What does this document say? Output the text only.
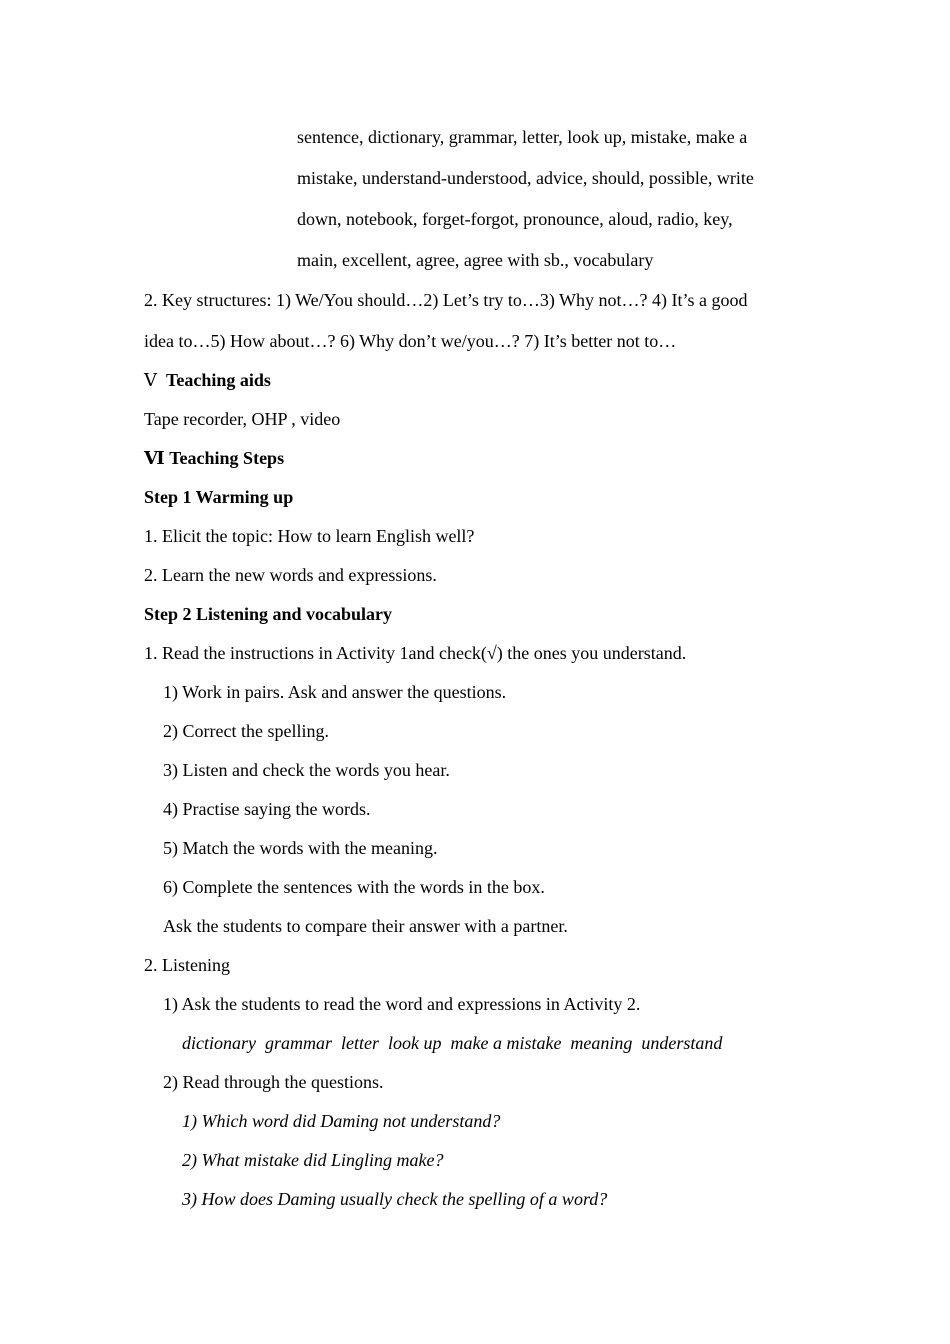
sentence, dictionary, grammar, letter, look up, mistake, make a
mistake, understand-understood, advice, should, possible, write
down, notebook, forget-forgot, pronounce, aloud, radio, key,
main, excellent, agree, agree with sb., vocabulary
2. Key structures: 1) We/You should…2) Let’s try to…3) Why not…? 4) It’s a good
idea to…5) How about…? 6) Why don’t we/you…? 7) It’s better not to…
Ⅴ Teaching aids
Tape recorder, OHP , video
Ⅵ Teaching Steps
Step 1 Warming up
1. Elicit the topic: How to learn English well?
2. Learn the new words and expressions.
Step 2 Listening and vocabulary
1. Read the instructions in Activity 1and check(√) the ones you understand.
1) Work in pairs. Ask and answer the questions.
2) Correct the spelling.
3) Listen and check the words you hear.
4) Practise saying the words.
5) Match the words with the meaning.
6) Complete the sentences with the words in the box.
Ask the students to compare their answer with a partner.
2. Listening
1) Ask the students to read the word and expressions in Activity 2.
dictionary  grammar  letter  look up  make a mistake  meaning  understand
2) Read through the questions.
1) Which word did Daming not understand?
2) What mistake did Lingling make?
3) How does Daming usually check the spelling of a word?
